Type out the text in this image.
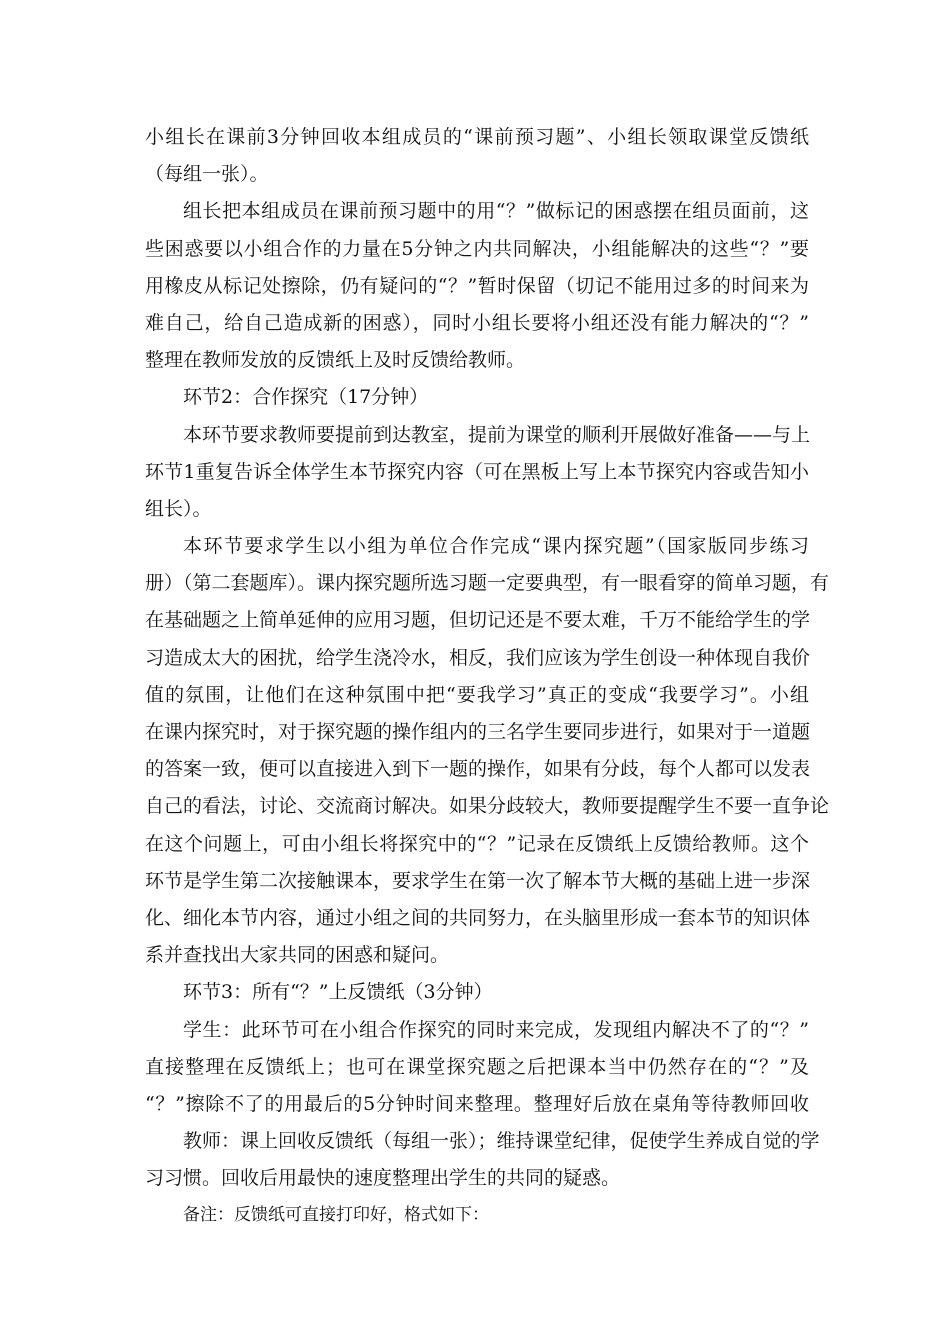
小组长在课前3分钟回收本组成员的“课前预习题”、小组长领取课堂反馈纸
（每组一张）。
组长把本组成员在课前预习题中的用“？”做标记的困惑摆在组员面前，这
些困惑要以小组合作的力量在5分钟之内共同解决，小组能解决的这些“？”要
用橡皮从标记处擦除，仍有疑问的“？”暂时保留（切记不能用过多的时间来为
难自己，给自己造成新的困惑），同时小组长要将小组还没有能力解决的“？”
整理在教师发放的反馈纸上及时反馈给教师。
环节2：合作探究（17分钟）
本环节要求教师要提前到达教室，提前为课堂的顺利开展做好准备——与上
环节1重复告诉全体学生本节探究内容（可在黑板上写上本节探究内容或告知小
组长）。
本环节要求学生以小组为单位合作完成“课内探究题”（国家版同步练习
册）（第二套题库）。课内探究题所选习题一定要典型，有一眼看穿的简单习题，有
在基础题之上简单延伸的应用习题，但切记还是不要太难，千万不能给学生的学
习造成太大的困扰，给学生浇冷水，相反，我们应该为学生创设一种体现自我价
值的氛围，让他们在这种氛围中把“要我学习”真正的变成“我要学习”。小组
在课内探究时，对于探究题的操作组内的三名学生要同步进行，如果对于一道题
的答案一致，便可以直接进入到下一题的操作，如果有分歧，每个人都可以发表
自己的看法，讨论、交流商讨解决。如果分歧较大，教师要提醒学生不要一直争论
在这个问题上，可由小组长将探究中的“？”记录在反馈纸上反馈给教师。这个
环节是学生第二次接触课本，要求学生在第一次了解本节大概的基础上进一步深
化、细化本节内容，通过小组之间的共同努力，在头脑里形成一套本节的知识体
系并查找出大家共同的困惑和疑问。
环节3：所有“？”上反馈纸（3分钟）
学生：此环节可在小组合作探究的同时来完成，发现组内解决不了的“？”
直接整理在反馈纸上；也可在课堂探究题之后把课本当中仍然存在的“？”及
“？”擦除不了的用最后的5分钟时间来整理。整理好后放在桌角等待教师回收
教师：课上回收反馈纸（每组一张）；维持课堂纪律，促使学生养成自觉的学
习习惯。回收后用最快的速度整理出学生的共同的疑惑。
备注：反馈纸可直接打印好，格式如下：
